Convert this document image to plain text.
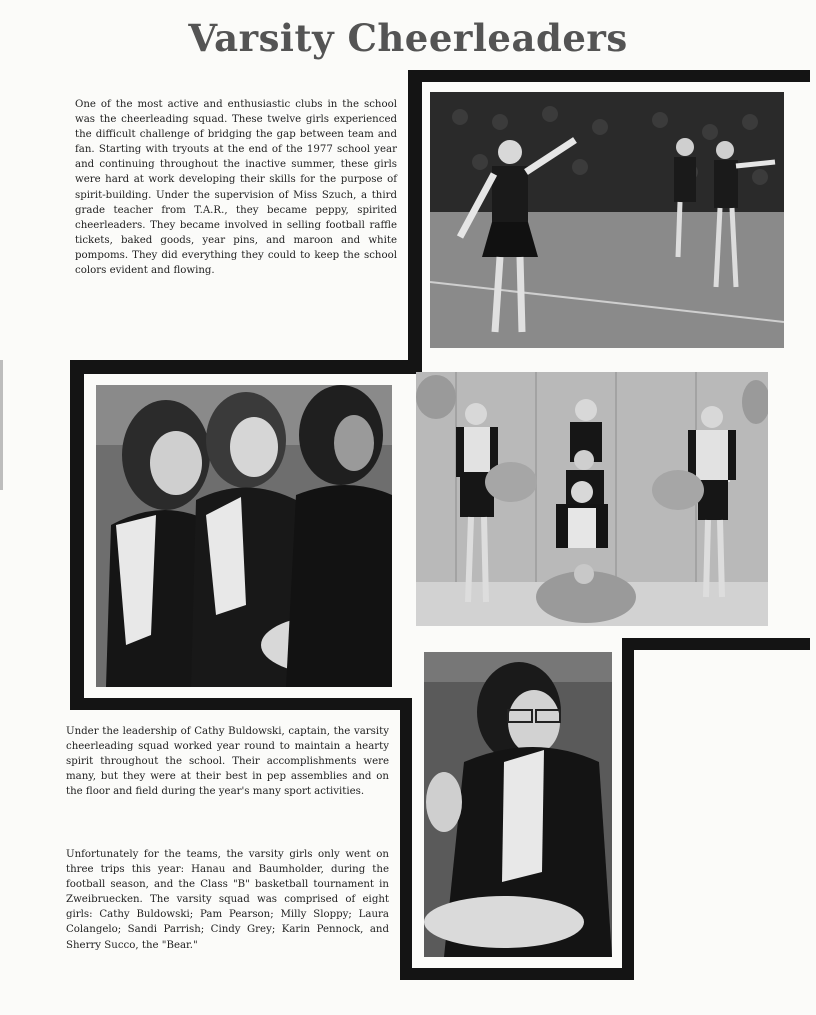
Varsity Cheerleaders
One of the most active and enthusiastic clubs in the school was the cheerleading squad. These twelve girls experienced the difficult challenge of bridging the gap between team and fan. Starting with tryouts at the end of the 1977 school year and continuing throughout the inactive summer, these girls were hard at work developing their skills for the purpose of spirit-building. Under the supervision of Miss Szuch, a third grade teacher from T.A.R., they became peppy, spirited cheerleaders. They became involved in selling football raffle tickets, baked goods, year pins, and maroon and white pompoms. They did everything they could to keep the school colors evident and flowing.
Under the leadership of Cathy Buldowski, captain, the varsity cheerleading squad worked year round to maintain a hearty spirit throughout the school. Their accomplishments were many, but they were at their best in pep assemblies and on the floor and field during the year's many sport activities.
Unfortunately for the teams, the varsity girls only went on three trips this year: Hanau and Baumholder, during the football season, and the Class "B" basketball tournament in Zweibruecken. The varsity squad was comprised of eight girls: Cathy Buldowski; Pam Pearson; Milly Sloppy; Laura Colangelo; Sandi Parrish; Cindy Grey; Karin Pennock, and Sherry Succo, the "Bear."
